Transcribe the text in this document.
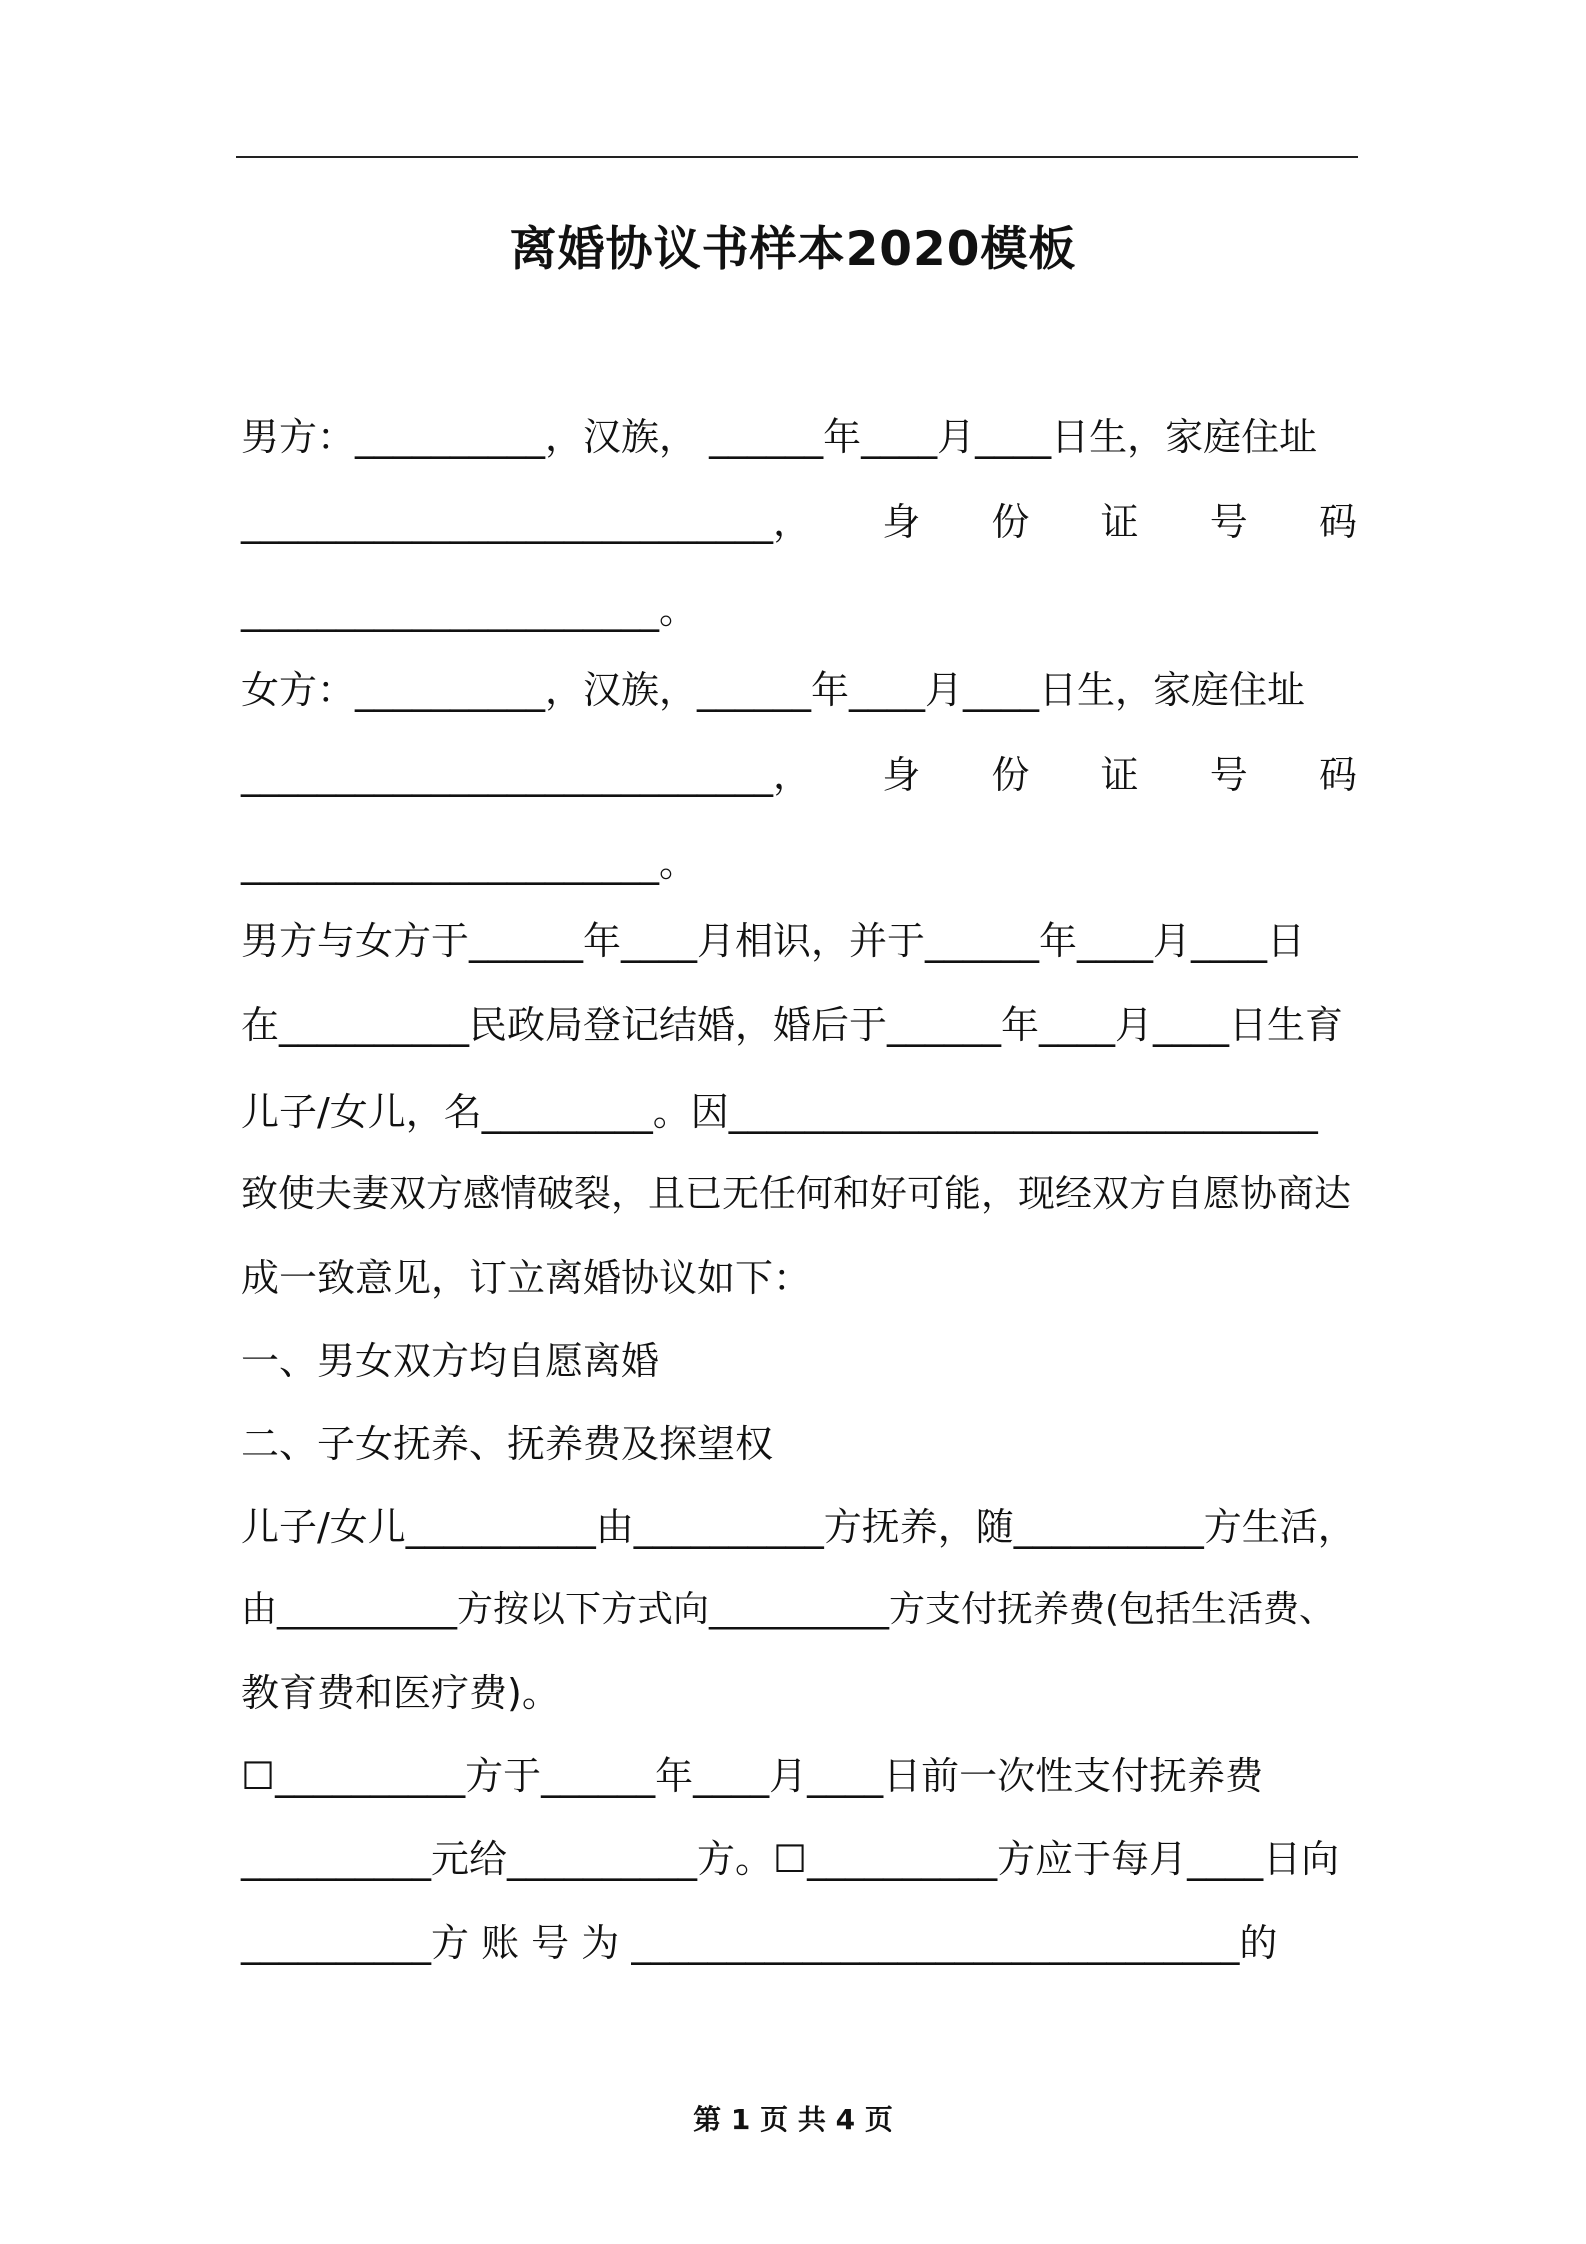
离婚协议书样本2020模板
男方：__________，汉族， ______年____月____日生，家庭住址
____________________________， 身 份 证 号 码
______________________。
女方：__________，汉族，______年____月____日生，家庭住址
____________________________， 身 份 证 号 码
______________________。
男方与女方于______年____月相识，并于______年____月____日
在__________民政局登记结婚，婚后于______年____月____日生育
儿子/女儿，名_________。因_______________________________
致使夫妻双方感情破裂，且已无任何和好可能，现经双方自愿协商达
成一致意见，订立离婚协议如下：
一、男女双方均自愿离婚
二、子女抚养、抚养费及探望权
儿子/女儿__________由__________方抚养，随__________方生活，
由__________方按以下方式向__________方支付抚养费(包括生活费、
教育费和医疗费)。
☐__________方于______年____月____日前一次性支付抚养费
__________元给__________方。☐__________方应于每月____日向
__________方 账 号 为 ________________________________的
第 1 页 共 4 页
